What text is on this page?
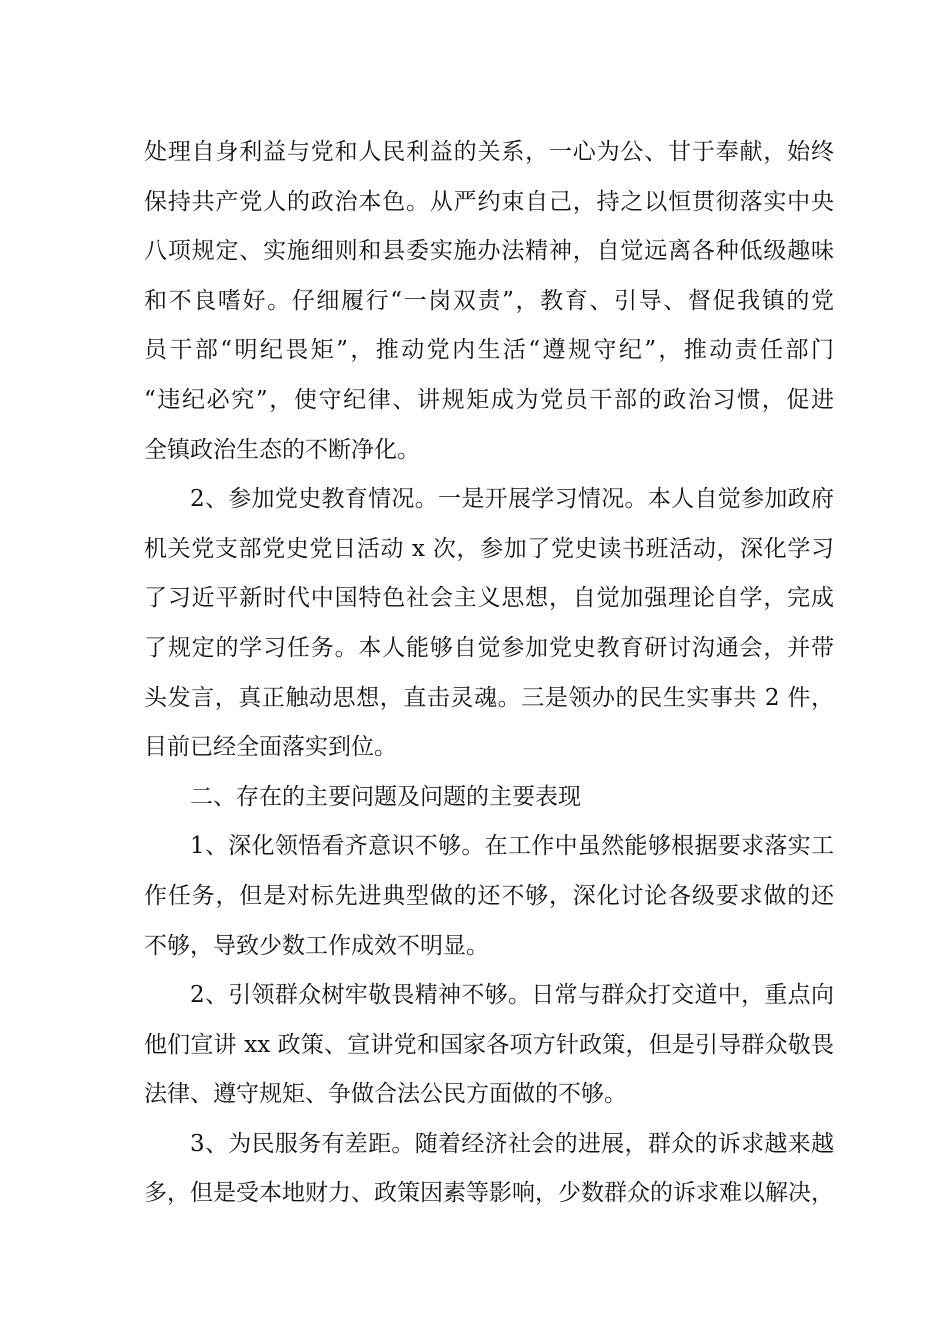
处理自身利益与党和人民利益的关系，一心为公、甘于奉献，始终
保持共产党人的政治本色。从严约束自己，持之以恒贯彻落实中央
八项规定、实施细则和县委实施办法精神，自觉远离各种低级趣味
和不良嗜好。仔细履行“一岗双责”，教育、引导、督促我镇的党
员干部“明纪畏矩”，推动党内生活“遵规守纪”，推动责任部门
“违纪必究”，使守纪律、讲规矩成为党员干部的政治习惯，促进
全镇政治生态的不断净化。
2、参加党史教育情况。一是开展学习情况。本人自觉参加政府
机关党支部党史党日活动 x 次，参加了党史读书班活动，深化学习
了习近平新时代中国特色社会主义思想，自觉加强理论自学，完成
了规定的学习任务。本人能够自觉参加党史教育研讨沟通会，并带
头发言，真正触动思想，直击灵魂。三是领办的民生实事共 2 件，
目前已经全面落实到位。
二、存在的主要问题及问题的主要表现
1、深化领悟看齐意识不够。在工作中虽然能够根据要求落实工
作任务，但是对标先进典型做的还不够，深化讨论各级要求做的还
不够，导致少数工作成效不明显。
2、引领群众树牢敬畏精神不够。日常与群众打交道中，重点向
他们宣讲 xx 政策、宣讲党和国家各项方针政策，但是引导群众敬畏
法律、遵守规矩、争做合法公民方面做的不够。
3、为民服务有差距。随着经济社会的进展，群众的诉求越来越
多，但是受本地财力、政策因素等影响，少数群众的诉求难以解决，
